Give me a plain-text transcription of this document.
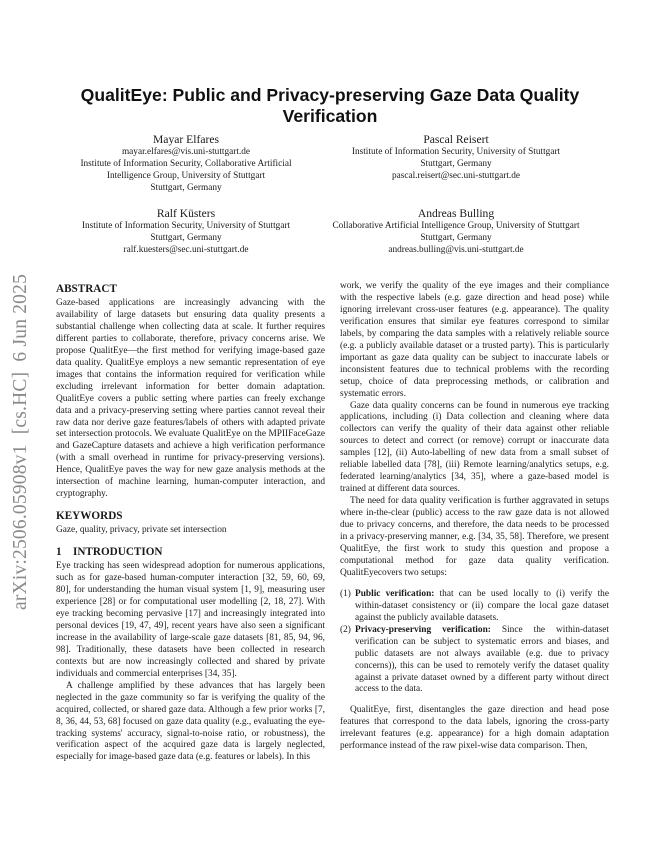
arXiv:2506.05908v1  [cs.HC]  6 Jun 2025
QualitEye: Public and Privacy-preserving Gaze Data Quality Verification
Mayar Elfares
mayar.elfares@vis.uni-stuttgart.de
Institute of Information Security, Collaborative Artificial Intelligence Group, University of Stuttgart
Stuttgart, Germany
Pascal Reisert
Institute of Information Security, University of Stuttgart
Stuttgart, Germany
pascal.reisert@sec.uni-stuttgart.de
Ralf Küsters
Institute of Information Security, University of Stuttgart
Stuttgart, Germany
ralf.kuesters@sec.uni-stuttgart.de
Andreas Bulling
Collaborative Artificial Intelligence Group, University of Stuttgart
Stuttgart, Germany
andreas.bulling@vis.uni-stuttgart.de
ABSTRACT

Gaze-based applications are increasingly advancing with the availability of large datasets but ensuring data quality presents a substantial challenge when collecting data at scale. It further requires different parties to collaborate, therefore, privacy concerns arise. We propose QualitEye—the first method for verifying image-based gaze data quality. QualitEye employs a new semantic representation of eye images that contains the information required for verification while excluding irrelevant information for better domain adaptation. QualitEye covers a public setting where parties can freely exchange data and a privacy-preserving setting where parties cannot reveal their raw data nor derive gaze features/labels of others with adapted private set intersection protocols. We evaluate QualitEye on the MPIIFaceGaze and GazeCapture datasets and achieve a high verification performance (with a small overhead in runtime for privacy-preserving versions). Hence, QualitEye paves the way for new gaze analysis methods at the intersection of machine learning, human-computer interaction, and cryptography.

KEYWORDS

Gaze, quality, privacy, private set intersection

1 INTRODUCTION

Eye tracking has seen widespread adoption for numerous applications, such as for gaze-based human-computer interaction [32, 59, 60, 69, 80], for understanding the human visual system [1, 9], measuring user experience [28] or for computational user modelling [2, 18, 27]. With eye tracking becoming pervasive [17] and increasingly integrated into personal devices [19, 47, 49], recent years have also seen a significant increase in the availability of large-scale gaze datasets [81, 85, 94, 96, 98]. Traditionally, these datasets have been collected in research contexts but are now increasingly collected and shared by private individuals and commercial enterprises [34, 35].

A challenge amplified by these advances that has largely been neglected in the gaze community so far is verifying the quality of the acquired, collected, or shared gaze data. Although a few prior works [7, 8, 36, 44, 53, 68] focused on gaze data quality (e.g., evaluating the eye-tracking systems' accuracy, signal-to-noise ratio, or robustness), the verification aspect of the acquired gaze data is largely neglected, especially for image-based gaze data (e.g. features or labels). In this

work, we verify the quality of the eye images and their compliance with the respective labels (e.g. gaze direction and head pose) while ignoring irrelevant cross-user features (e.g. appearance). The quality verification ensures that similar eye features correspond to similar labels, by comparing the data samples with a relatively reliable source (e.g. a publicly available dataset or a trusted party). This is particularly important as gaze data quality can be subject to inaccurate labels or inconsistent features due to technical problems with the recording setup, choice of data preprocessing methods, or calibration and systematic errors.

Gaze data quality concerns can be found in numerous eye tracking applications, including (i) Data collection and cleaning where data collectors can verify the quality of their data against other reliable sources to detect and correct (or remove) corrupt or inaccurate data samples [12], (ii) Auto-labelling of new data from a small subset of reliable labelled data [78], (iii) Remote learning/analytics setups, e.g. federated learning/analytics [34, 35], where a gaze-based model is trained at different data sources.

The need for data quality verification is further aggravated in setups where in-the-clear (public) access to the raw gaze data is not allowed due to privacy concerns, and therefore, the data needs to be processed in a privacy-preserving manner, e.g. [34, 35, 58]. Therefore, we present QualitEye, the first work to study this question and propose a computational method for gaze data quality verification. QualitEyecovers two setups:

(1) Public verification: that can be used locally to (i) verify the within-dataset consistency or (ii) compare the local gaze dataset against the publicly available datasets.
(2) Privacy-preserving verification: Since the within-dataset verification can be subject to systematic errors and biases, and public datasets are not always available (e.g. due to privacy concerns)), this can be used to remotely verify the dataset quality against a private dataset owned by a different party without direct access to the data.

QualitEye, first, disentangles the gaze direction and head pose features that correspond to the data labels, ignoring the cross-party irrelevant features (e.g. appearance) for a high domain adaptation performance instead of the raw pixel-wise data comparison. Then,
